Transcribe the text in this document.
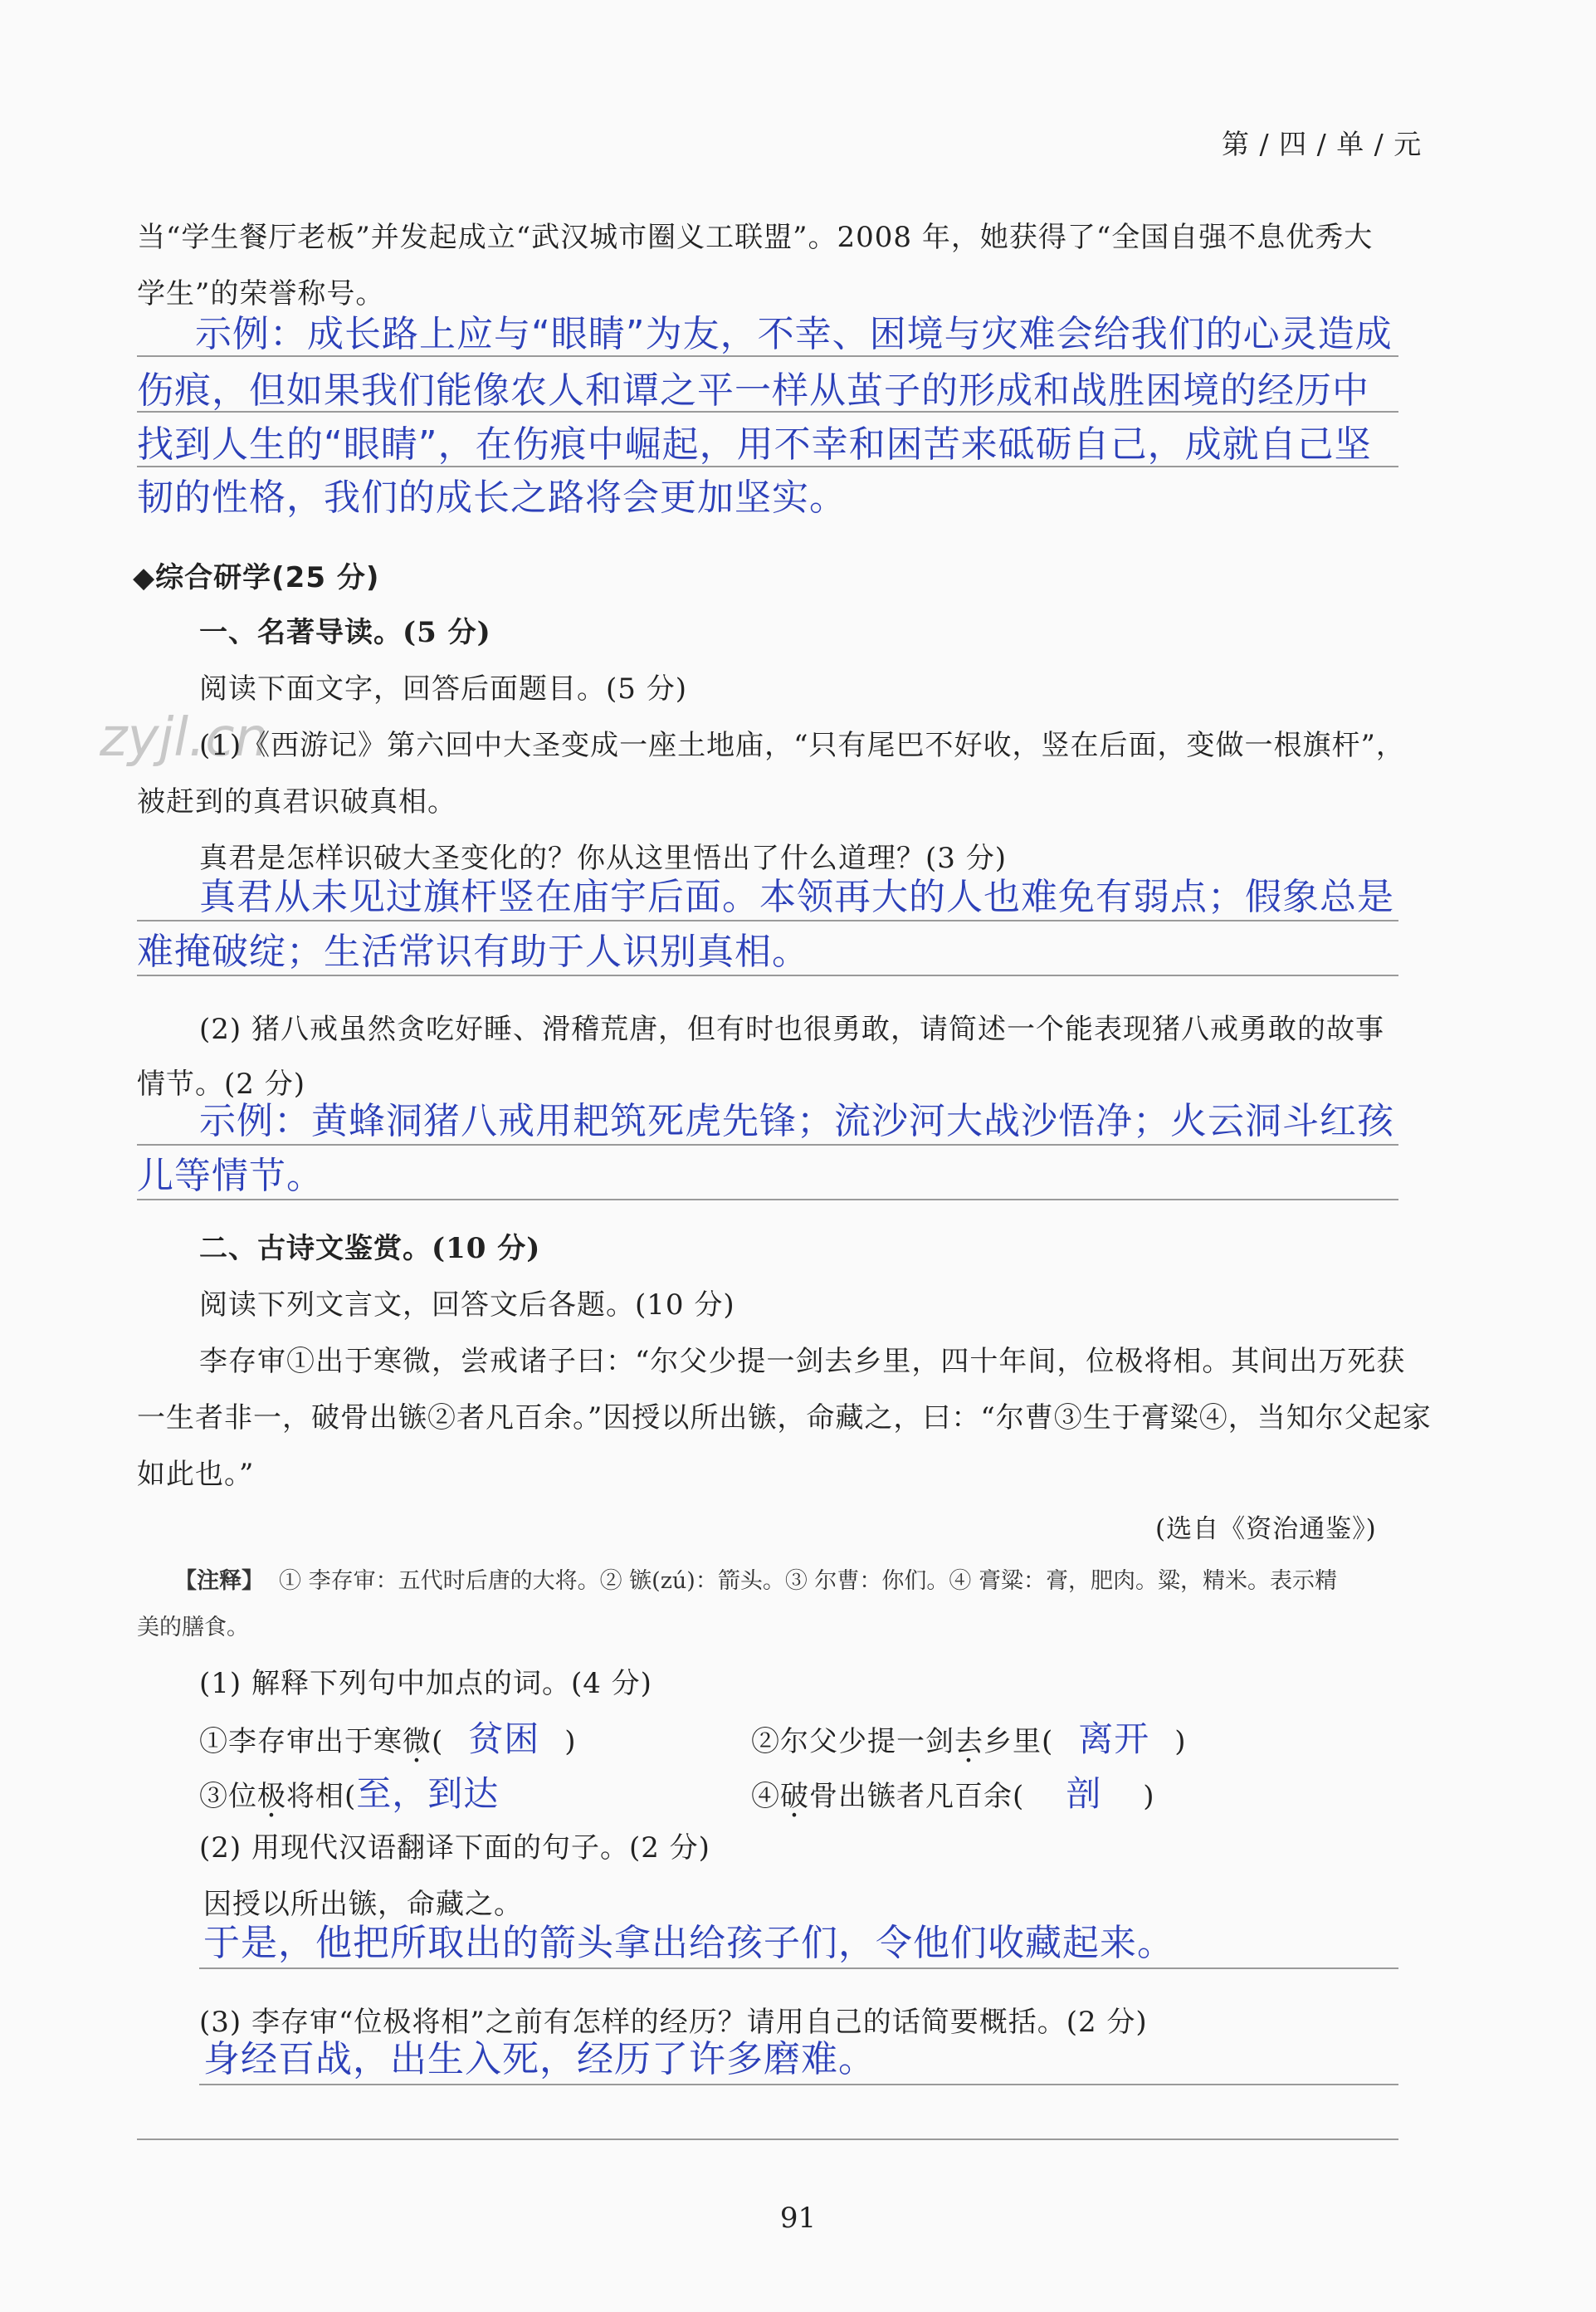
第 / 四 / 单 / 元
当“学生餐厅老板”并发起成立“武汉城市圈义工联盟”。2008 年，她获得了“全国自强不息优秀大
学生”的荣誉称号。
示例：成长路上应与“眼睛”为友，不幸、困境与灾难会给我们的心灵造成
伤痕，但如果我们能像农人和谭之平一样从茧子的形成和战胜困境的经历中
找到人生的“眼睛”，在伤痕中崛起，用不幸和困苦来砥砺自己，成就自己坚
韧的性格，我们的成长之路将会更加坚实。
◆综合研学(25 分)
一、名著导读。(5 分)
阅读下面文字，回答后面题目。(5 分)
zyjl.cn
(1)《西游记》第六回中大圣变成一座土地庙，“只有尾巴不好收，竖在后面，变做一根旗杆”，
被赶到的真君识破真相。
真君是怎样识破大圣变化的？你从这里悟出了什么道理？(3 分)
真君从未见过旗杆竖在庙宇后面。本领再大的人也难免有弱点；假象总是
难掩破绽；生活常识有助于人识别真相。
(2) 猪八戒虽然贪吃好睡、滑稽荒唐，但有时也很勇敢，请简述一个能表现猪八戒勇敢的故事
情节。(2 分)
示例：黄蜂洞猪八戒用耙筑死虎先锋；流沙河大战沙悟净；火云洞斗红孩
儿等情节。
二、古诗文鉴赏。(10 分)
阅读下列文言文，回答文后各题。(10 分)
李存审①出于寒微，尝戒诸子曰：“尔父少提一剑去乡里，四十年间，位极将相。其间出万死获
一生者非一，破骨出镞②者凡百余。”因授以所出镞，命藏之，曰：“尔曹③生于膏粱④，当知尔父起家
如此也。”
(选自《资治通鉴》)
【注释】 ① 李存审：五代时后唐的大将。② 镞(zú)：箭头。③ 尔曹：你们。④ 膏粱：膏，肥肉。粱，精米。表示精
美的膳食。
(1) 解释下列句中加点的词。(4 分)
①李存审出于寒微( 贫困 )	②尔父少提一剑去乡里( 离开 )
③位极将相(至，到达	④破骨出镞者凡百余( 剖 )
(2) 用现代汉语翻译下面的句子。(2 分)
因授以所出镞，命藏之。
于是，他把所取出的箭头拿出给孩子们，令他们收藏起来。
(3) 李存审“位极将相”之前有怎样的经历？请用自己的话简要概括。(2 分)
身经百战，出生入死，经历了许多磨难。
91
